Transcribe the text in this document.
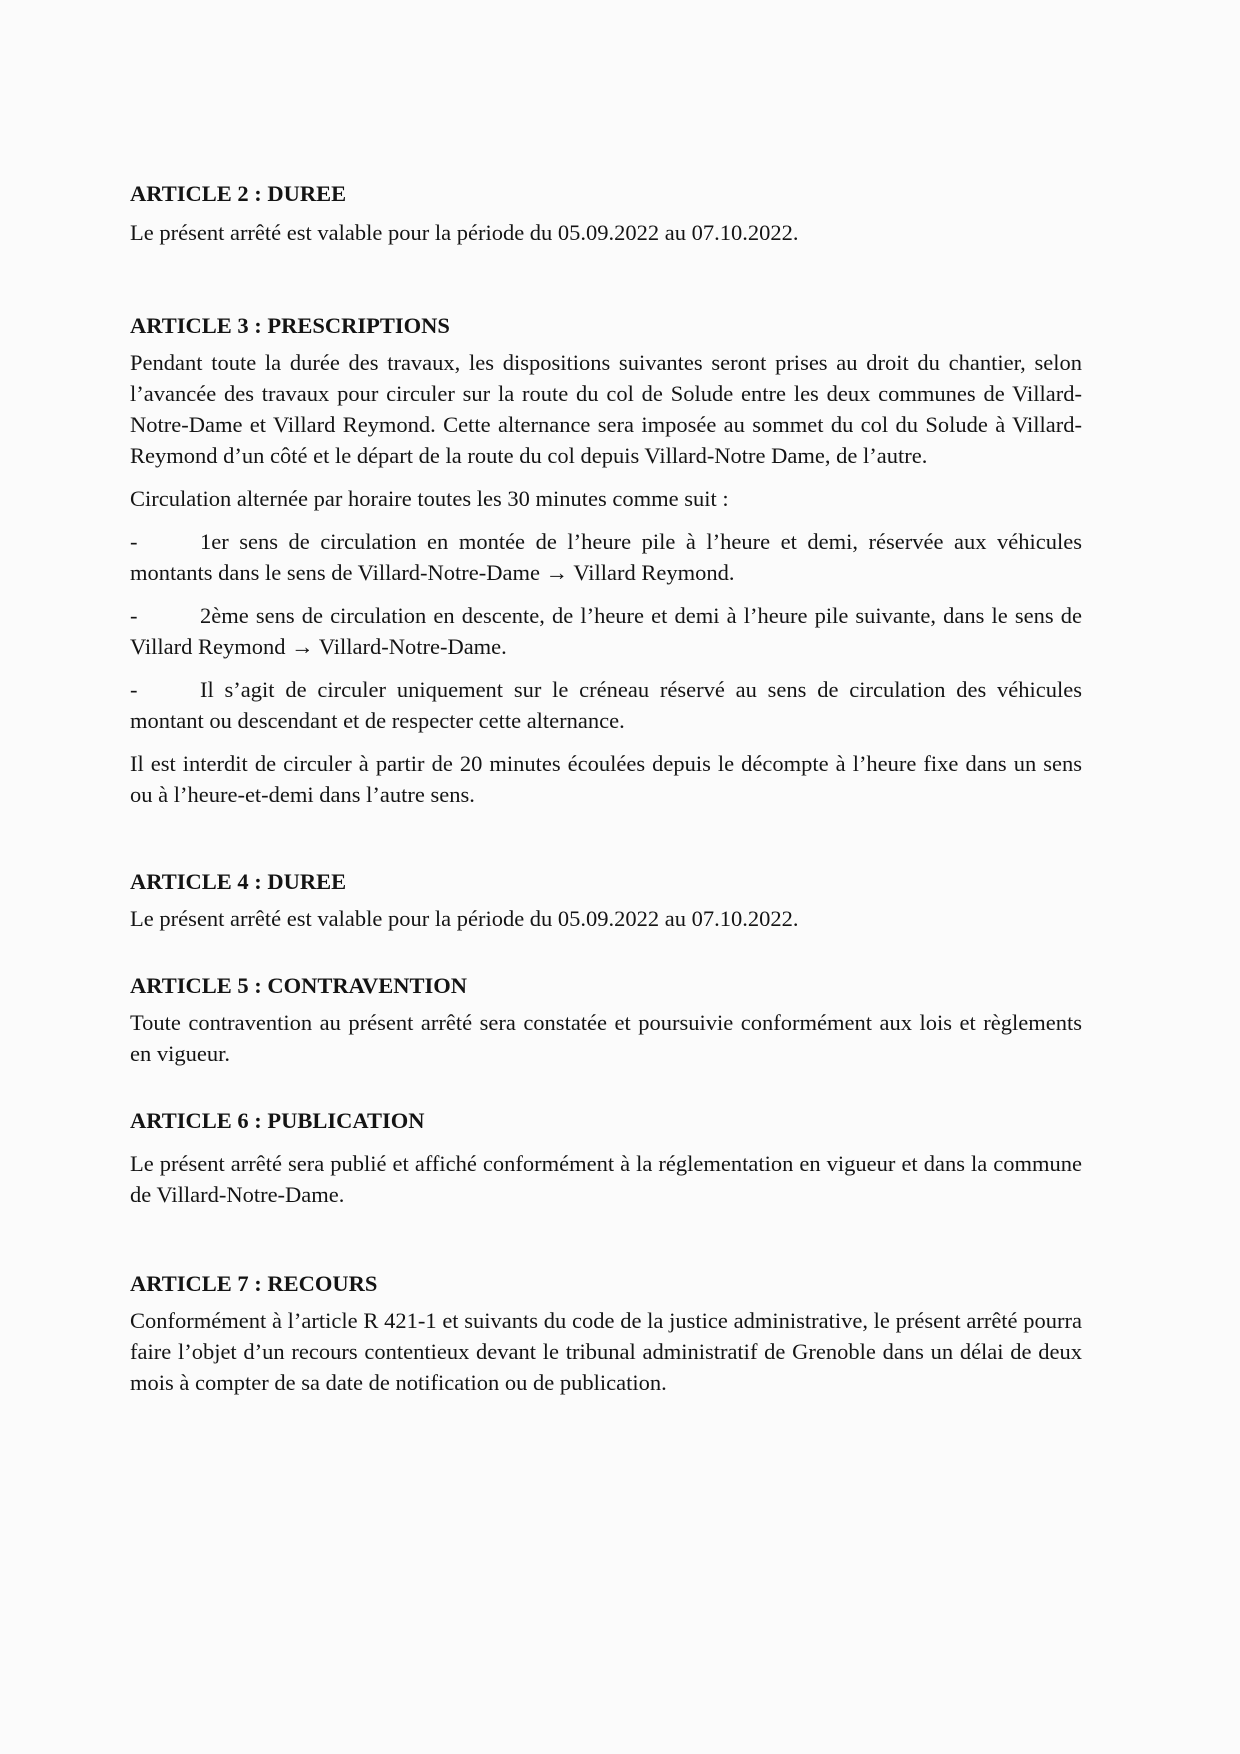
ARTICLE 2 : DUREE

Le présent arrêté est valable pour la période du 05.09.2022 au 07.10.2022.

ARTICLE 3 : PRESCRIPTIONS

Pendant toute la durée des travaux, les dispositions suivantes seront prises au droit du chantier, selon l’avancée des travaux pour circuler sur la route du col de Solude entre les deux communes de Villard-Notre-Dame et Villard Reymond. Cette alternance sera imposée au sommet du col du Solude à Villard-Reymond d’un côté et le départ de la route du col depuis Villard-Notre Dame, de l’autre.

Circulation alternée par horaire toutes les 30 minutes comme suit :

-	1er sens de circulation en montée de l’heure pile à l’heure et demi, réservée aux véhicules montants dans le sens de Villard-Notre-Dame → Villard Reymond.

-	2ème sens de circulation en descente, de l’heure et demi à l’heure pile suivante, dans le sens de Villard Reymond → Villard-Notre-Dame.

-	Il s’agit de circuler uniquement sur le créneau réservé au sens de circulation des véhicules montant ou descendant et de respecter cette alternance.

Il est interdit de circuler à partir de 20 minutes écoulées depuis le décompte à l’heure fixe dans un sens ou à l’heure-et-demi dans l’autre sens.

ARTICLE 4 : DUREE

Le présent arrêté est valable pour la période du 05.09.2022 au 07.10.2022.

ARTICLE 5 : CONTRAVENTION

Toute contravention au présent arrêté sera constatée et poursuivie conformément aux lois et règlements en vigueur.

ARTICLE 6 : PUBLICATION

Le présent arrêté sera publié et affiché conformément à la réglementation en vigueur et dans la commune de Villard-Notre-Dame.

ARTICLE 7 : RECOURS

Conformément à l’article R 421-1 et suivants du code de la justice administrative, le présent arrêté pourra faire l’objet d’un recours contentieux devant le tribunal administratif de Grenoble dans un délai de deux mois à compter de sa date de notification ou de publication.
